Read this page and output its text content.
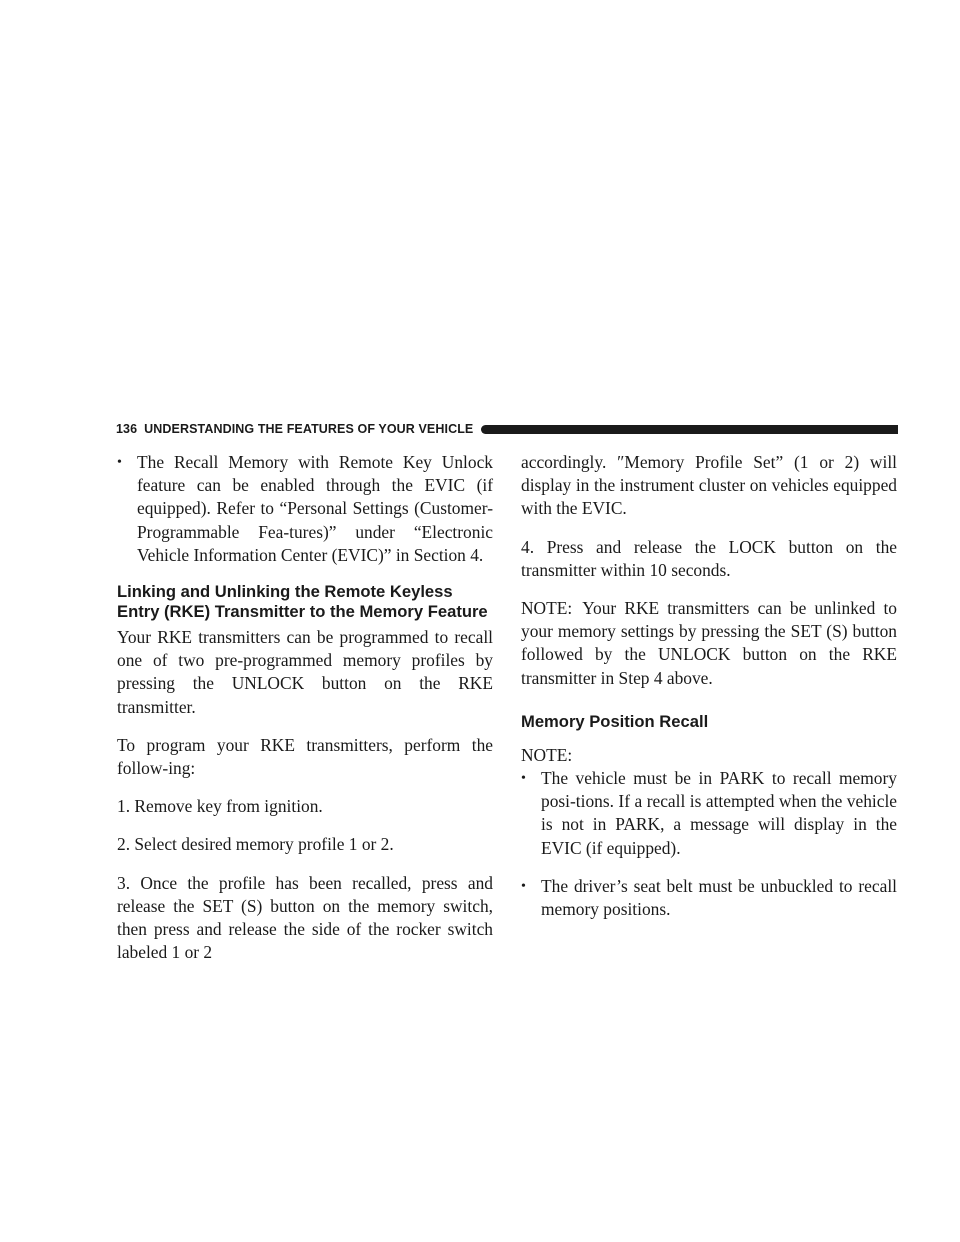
136 UNDERSTANDING THE FEATURES OF YOUR VEHICLE
• The Recall Memory with Remote Key Unlock feature can be enabled through the EVIC (if equipped). Refer to “Personal Settings (Customer-Programmable Fea-tures)” under “Electronic Vehicle Information Center (EVIC)” in Section 4.
Linking and Unlinking the Remote Keyless Entry (RKE) Transmitter to the Memory Feature

Your RKE transmitters can be programmed to recall one of two pre-programmed memory profiles by pressing the UNLOCK button on the RKE transmitter.

To program your RKE transmitters, perform the follow-ing:

1. Remove key from ignition.

2. Select desired memory profile 1 or 2.

3. Once the profile has been recalled, press and release the SET (S) button on the memory switch, then press and release the side of the rocker switch labeled 1 or 2

accordingly. ″Memory Profile Set” (1 or 2) will display in the instrument cluster on vehicles equipped with the EVIC.

4. Press and release the LOCK button on the transmitter within 10 seconds.

NOTE: Your RKE transmitters can be unlinked to your memory settings by pressing the SET (S) button followed by the UNLOCK button on the RKE transmitter in Step 4 above.

Memory Position Recall

NOTE:

• The vehicle must be in PARK to recall memory posi-tions. If a recall is attempted when the vehicle is not in PARK, a message will display in the EVIC (if equipped).
• The driver’s seat belt must be unbuckled to recall memory positions.
